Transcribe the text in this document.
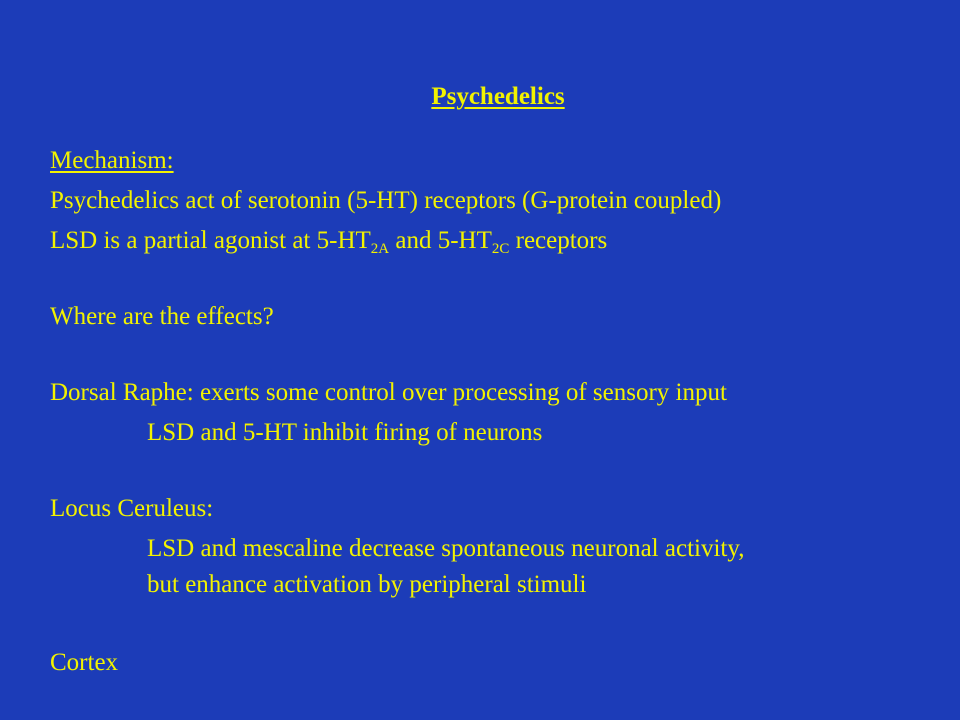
Psychedelics
Mechanism:
Psychedelics act of serotonin (5-HT) receptors (G-protein coupled)
LSD is a partial agonist at $5-HT_{2A}$ and $5-HT_{2C}$ receptors
Where are the effects?
Dorsal Raphe: exerts some control over processing of sensory input
LSD and 5-HT inhibit firing of neurons
Locus Ceruleus:
LSD and mescaline decrease spontaneous neuronal activity,
but enhance activation by peripheral stimuli
Cortex
